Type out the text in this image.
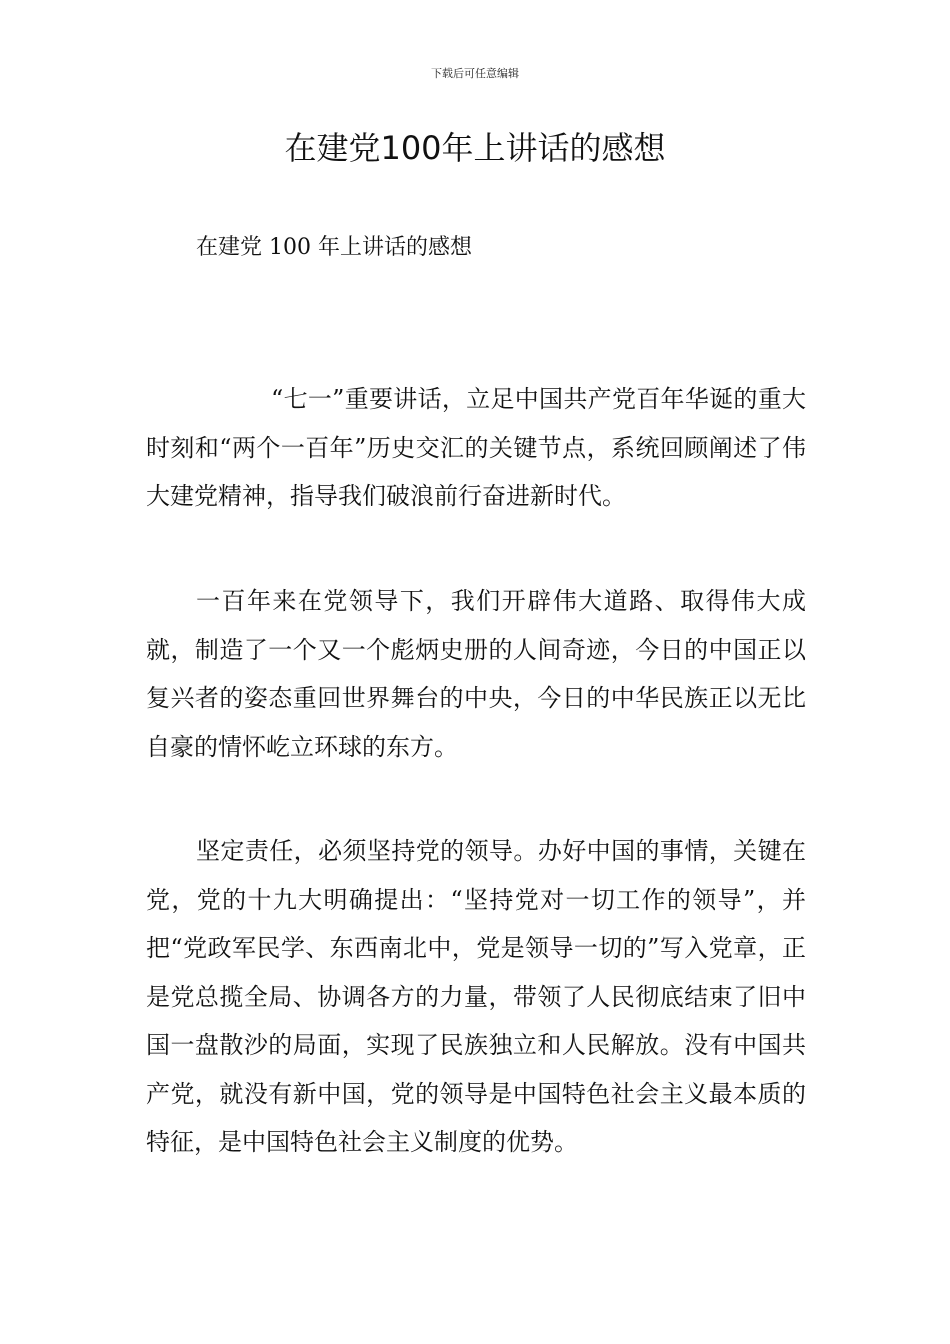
下载后可任意编辑
在建党100年上讲话的感想
在建党 100 年上讲话的感想

“七一”重要讲话，立足中国共产党百年华诞的重大时刻和“两个一百年”历史交汇的关键节点，系统回顾阐述了伟大建党精神，指导我们破浪前行奋进新时代。

一百年来在党领导下，我们开辟伟大道路、取得伟大成就，制造了一个又一个彪炳史册的人间奇迹，今日的中国正以复兴者的姿态重回世界舞台的中央，今日的中华民族正以无比自豪的情怀屹立环球的东方。

坚定责任，必须坚持党的领导。办好中国的事情，关键在党，党的十九大明确提出：“坚持党对一切工作的领导”，并把“党政军民学、东西南北中，党是领导一切的”写入党章，正是党总揽全局、协调各方的力量，带领了人民彻底结束了旧中国一盘散沙的局面，实现了民族独立和人民解放。没有中国共产党，就没有新中国，党的领导是中国特色社会主义最本质的特征，是中国特色社会主义制度的优势。
